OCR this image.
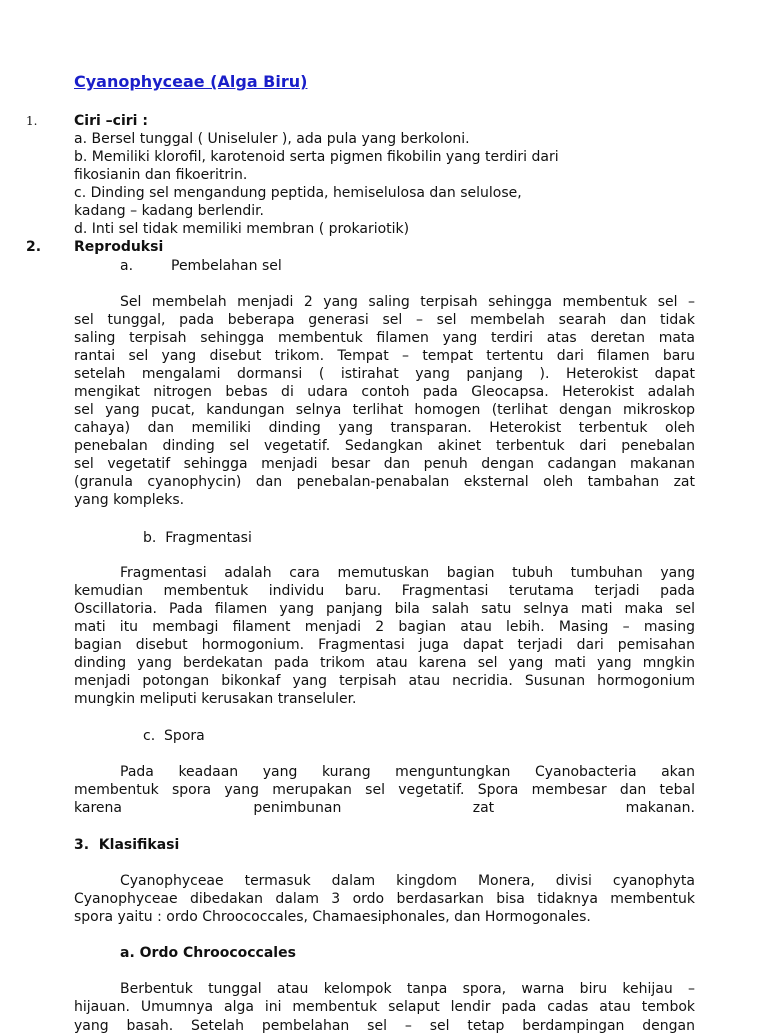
Cyanophyceae (Alga Biru)
1.	Ciri –ciri :
a. Bersel tunggal ( Uniseluler ), ada pula yang berkoloni.
b. Memiliki klorofil, karotenoid serta pigmen fikobilin yang terdiri dari
fikosianin dan fikoeritrin.
c. Dinding sel mengandung peptida, hemiselulosa dan selulose,
kadang – kadang berlendir.
d. Inti sel tidak memiliki membran ( prokariotik)
2. Reproduksi
a.	Pembelahan sel
Sel membelah menjadi 2 yang saling terpisah sehingga membentuk sel –
sel tunggal, pada beberapa generasi sel – sel membelah searah dan tidak
saling terpisah sehingga membentuk filamen yang terdiri atas deretan mata
rantai sel yang disebut trikom. Tempat – tempat tertentu dari filamen baru
setelah mengalami dormansi ( istirahat yang panjang ). Heterokist dapat
mengikat nitrogen bebas di udara contoh pada Gleocapsa. Heterokist adalah
sel yang pucat, kandungan selnya terlihat homogen (terlihat dengan mikroskop
cahaya) dan memiliki dinding yang transparan. Heterokist terbentuk oleh
penebalan dinding sel vegetatif. Sedangkan akinet terbentuk dari penebalan
sel vegetatif sehingga menjadi besar dan penuh dengan cadangan makanan
(granula cyanophycin) dan penebalan-penabalan eksternal oleh tambahan zat
yang kompleks.
b.  Fragmentasi
Fragmentasi adalah cara memutuskan bagian tubuh tumbuhan yang
kemudian membentuk individu baru. Fragmentasi terutama terjadi pada
Oscillatoria. Pada filamen yang panjang bila salah satu selnya mati maka sel
mati itu membagi filament menjadi 2 bagian atau lebih. Masing – masing
bagian disebut hormogonium. Fragmentasi juga dapat terjadi dari pemisahan
dinding yang berdekatan pada trikom atau karena sel yang mati yang mngkin
menjadi potongan bikonkaf yang terpisah atau necridia. Susunan hormogonium
mungkin meliputi kerusakan transeluler.
c.  Spora
Pada keadaan yang kurang menguntungkan Cyanobacteria akan
membentuk spora yang merupakan sel vegetatif. Spora membesar dan tebal
karena penimbunan zat makanan.
3.  Klasifikasi
Cyanophyceae termasuk dalam kingdom Monera, divisi cyanophyta
Cyanophyceae dibedakan dalam 3 ordo berdasarkan bisa tidaknya membentuk
spora yaitu : ordo Chroococcales, Chamaesiphonales, dan Hormogonales.
a. Ordo Chroococcales
Berbentuk tunggal atau kelompok tanpa spora, warna biru kehijau –
hijauan. Umumnya alga ini membentuk selaput lendir pada cadas atau tembok
yang basah. Setelah pembelahan sel – sel tetap berdampingan dengan
